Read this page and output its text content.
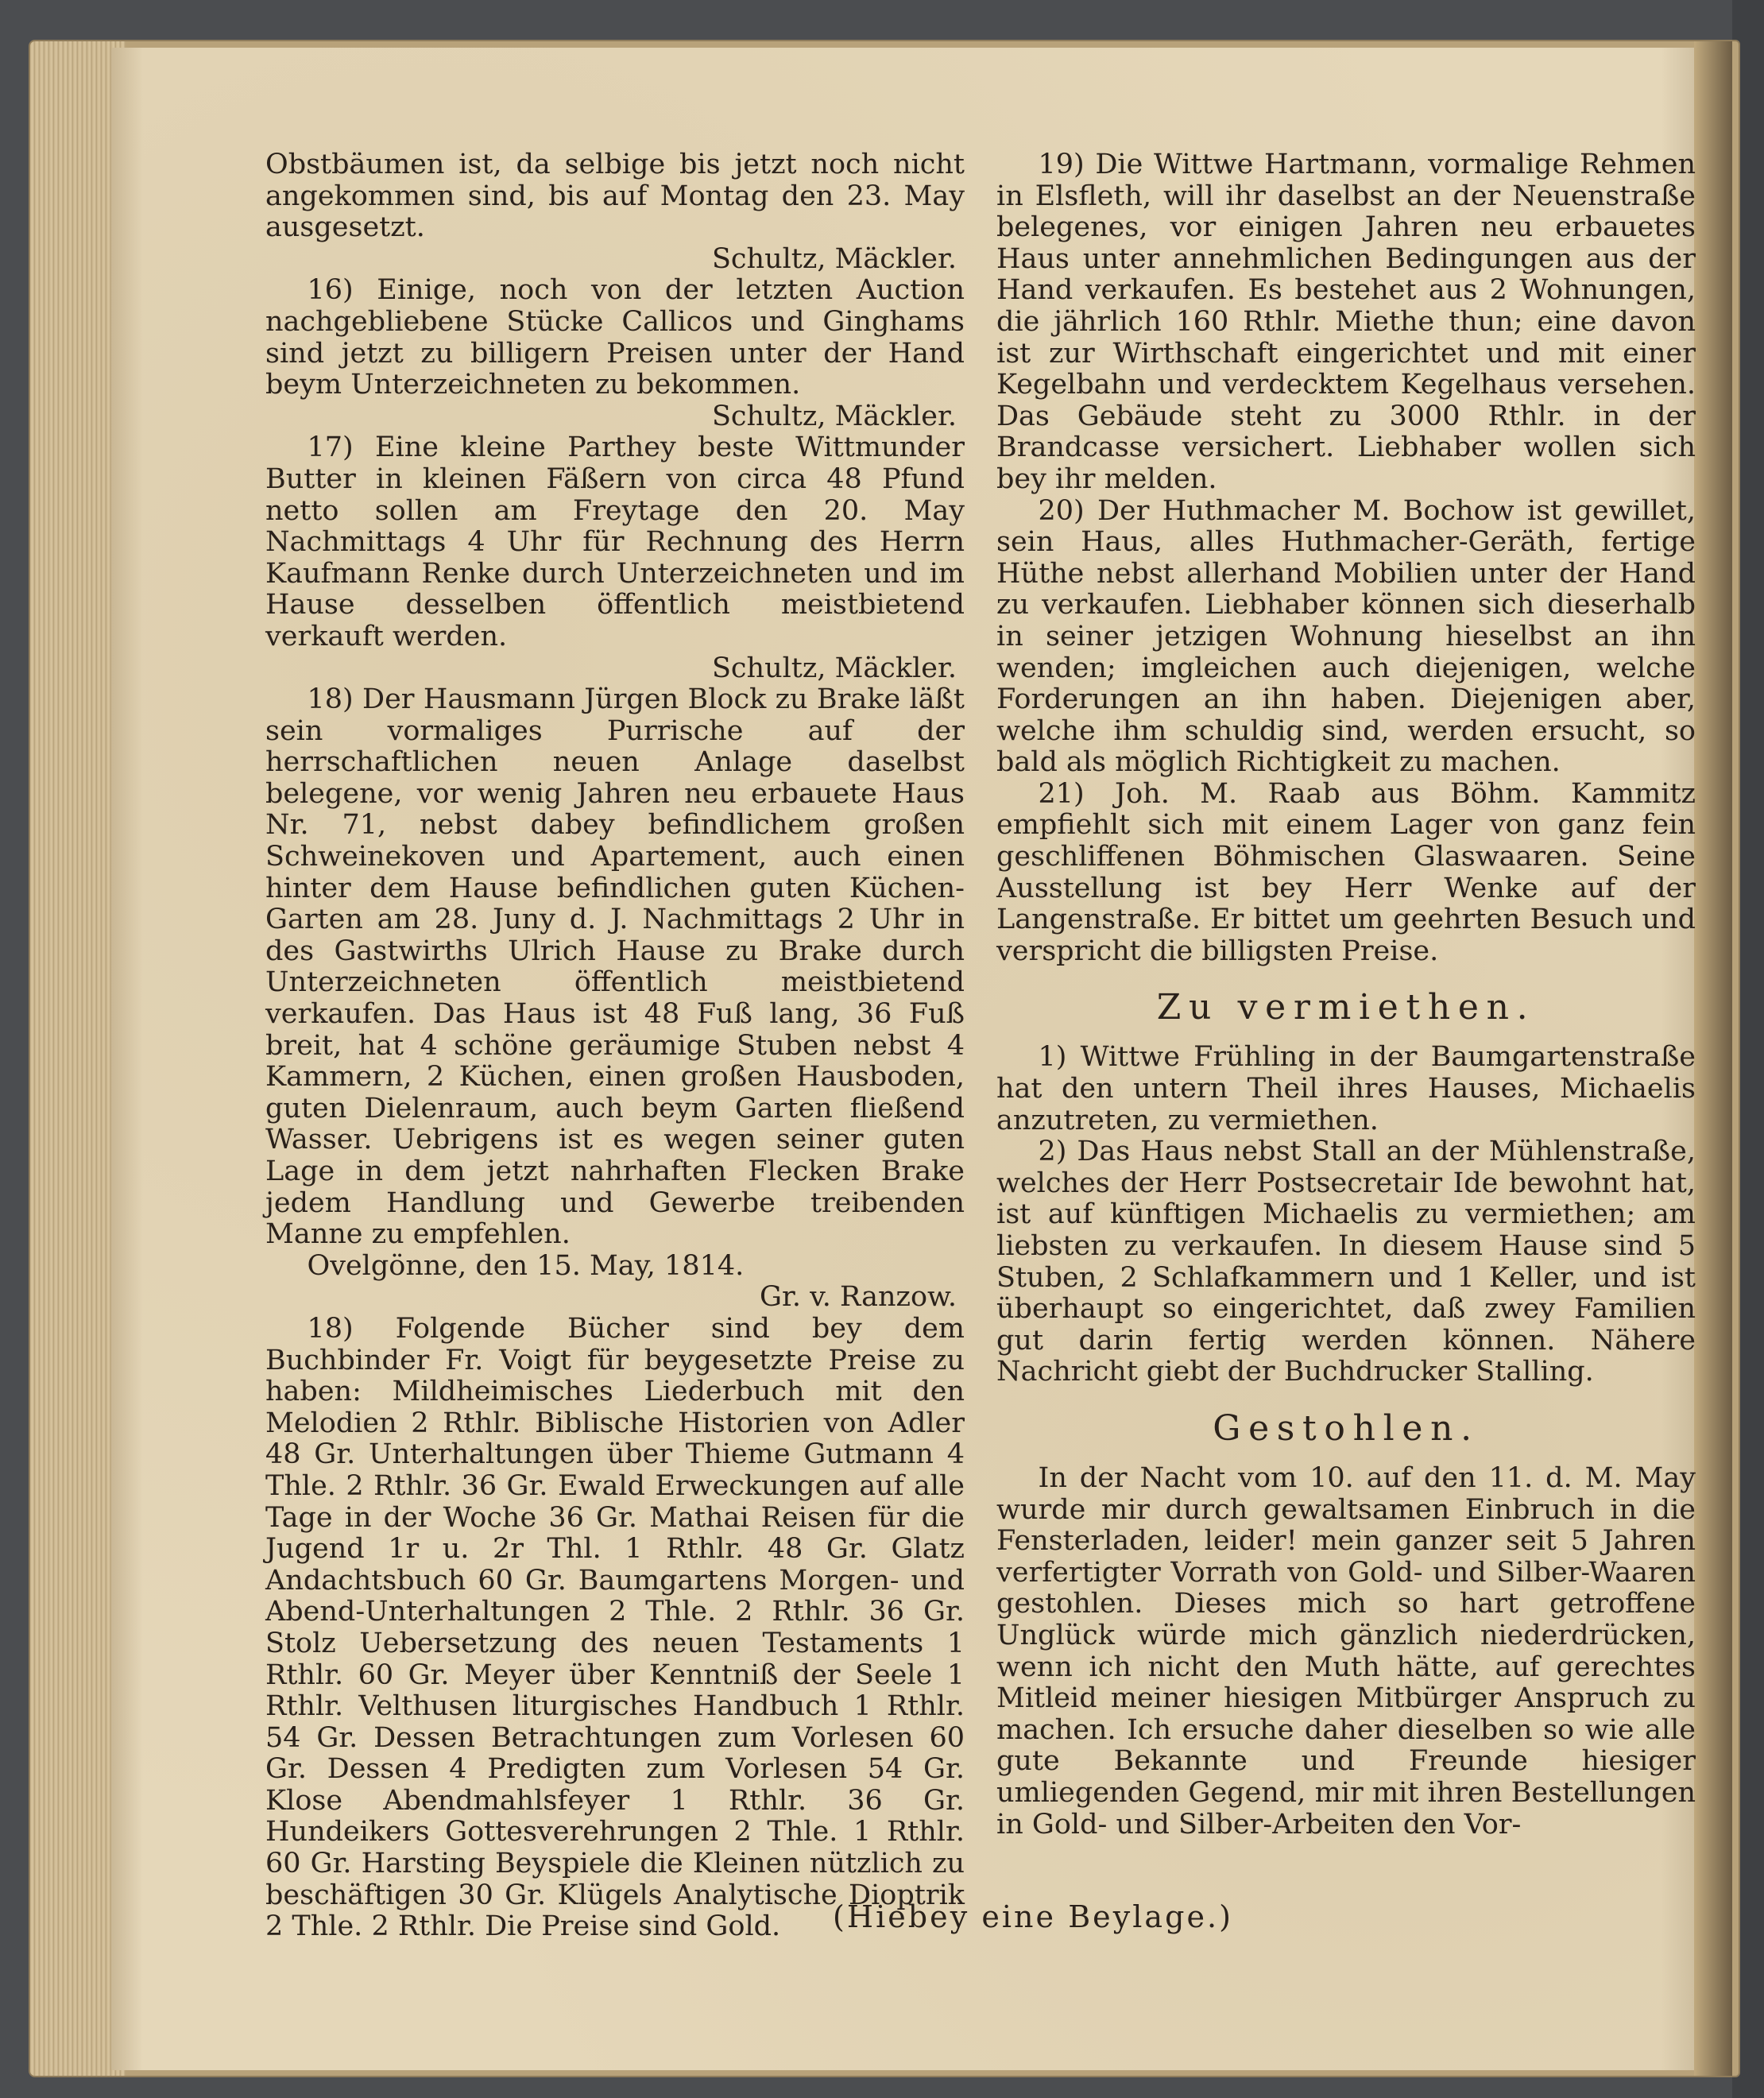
Obstbäumen ist, da selbige bis jetzt noch nicht angekommen sind, bis auf Montag den 23. May ausgesetzt.
Schultz, Mäckler.

16) Einige, noch von der letzten Auction nachgebliebene Stücke Callicos und Ginghams sind jetzt zu billigern Preisen unter der Hand beym Unterzeichneten zu bekommen.
Schultz, Mäckler.

17) Eine kleine Parthey beste Wittmunder Butter in kleinen Fäßern von circa 48 Pfund netto sollen am Freytage den 20. May Nachmittags 4 Uhr für Rechnung des Herrn Kaufmann Renke durch Unterzeichneten und im Hause desselben öffentlich meistbietend verkauft werden.
Schultz, Mäckler.

18) Der Hausmann Jürgen Block zu Brake läßt sein vormaliges Purrische auf der herrschaftlichen neuen Anlage daselbst belegene, vor wenig Jahren neu erbauete Haus Nr. 71, nebst dabey befindlichem großen Schweinekoven und Apartement, auch einen hinter dem Hause befindlichen guten Küchen-Garten am 28. Juny d. J. Nachmittags 2 Uhr in des Gastwirths Ulrich Hause zu Brake durch Unterzeichneten öffentlich meistbietend verkaufen. Das Haus ist 48 Fuß lang, 36 Fuß breit, hat 4 schöne geräumige Stuben nebst 4 Kammern, 2 Küchen, einen großen Hausboden, guten Dielenraum, auch beym Garten fließend Wasser. Uebrigens ist es wegen seiner guten Lage in dem jetzt nahrhaften Flecken Brake jedem Handlung und Gewerbe treibenden Manne zu empfehlen.

Ovelgönne, den 15. May, 1814.

Gr. v. Ranzow.

18) Folgende Bücher sind bey dem Buchbinder Fr. Voigt für beygesetzte Preise zu haben: Mildheimisches Liederbuch mit den Melodien 2 Rthlr. Biblische Historien von Adler 48 Gr. Unterhaltungen über Thieme Gutmann 4 Thle. 2 Rthlr. 36 Gr. Ewald Erweckungen auf alle Tage in der Woche 36 Gr. Mathai Reisen für die Jugend 1r u. 2r Thl. 1 Rthlr. 48 Gr. Glatz Andachtsbuch 60 Gr. Baumgartens Morgen- und Abend-Unterhaltungen 2 Thle. 2 Rthlr. 36 Gr. Stolz Uebersetzung des neuen Testaments 1 Rthlr. 60 Gr. Meyer über Kenntniß der Seele 1 Rthlr. Velthusen liturgisches Handbuch 1 Rthlr. 54 Gr. Dessen Betrachtungen zum Vorlesen 60 Gr. Dessen 4 Predigten zum Vorlesen 54 Gr. Klose Abendmahlsfeyer 1 Rthlr. 36 Gr. Hundeikers Gottesverehrungen 2 Thle. 1 Rthlr. 60 Gr. Harsting Beyspiele die Kleinen nützlich zu beschäftigen 30 Gr. Klügels Analytische Dioptrik 2 Thle. 2 Rthlr. Die Preise sind Gold.

19) Die Wittwe Hartmann, vormalige Rehmen in Elsfleth, will ihr daselbst an der Neuenstraße belegenes, vor einigen Jahren neu erbauetes Haus unter annehmlichen Bedingungen aus der Hand verkaufen. Es bestehet aus 2 Wohnungen, die jährlich 160 Rthlr. Miethe thun; eine davon ist zur Wirthschaft eingerichtet und mit einer Kegelbahn und verdecktem Kegelhaus versehen. Das Gebäude steht zu 3000 Rthlr. in der Brandcasse versichert. Liebhaber wollen sich bey ihr melden.

20) Der Huthmacher M. Bochow ist gewillet, sein Haus, alles Huthmacher-Geräth, fertige Hüthe nebst allerhand Mobilien unter der Hand zu verkaufen. Liebhaber können sich dieserhalb in seiner jetzigen Wohnung hieselbst an ihn wenden; imgleichen auch diejenigen, welche Forderungen an ihn haben. Diejenigen aber, welche ihm schuldig sind, werden ersucht, so bald als möglich Richtigkeit zu machen.

21) Joh. M. Raab aus Böhm. Kammitz empfiehlt sich mit einem Lager von ganz fein geschliffenen Böhmischen Glaswaaren. Seine Ausstellung ist bey Herr Wenke auf der Langenstraße. Er bittet um geehrten Besuch und verspricht die billigsten Preise.

Zu vermiethen.

1) Wittwe Frühling in der Baumgartenstraße hat den untern Theil ihres Hauses, Michaelis anzutreten, zu vermiethen.

2) Das Haus nebst Stall an der Mühlenstraße, welches der Herr Postsecretair Ide bewohnt hat, ist auf künftigen Michaelis zu vermiethen; am liebsten zu verkaufen. In diesem Hause sind 5 Stuben, 2 Schlafkammern und 1 Keller, und ist überhaupt so eingerichtet, daß zwey Familien gut darin fertig werden können. Nähere Nachricht giebt der Buchdrucker Stalling.

Gestohlen.

In der Nacht vom 10. auf den 11. d. M. May wurde mir durch gewaltsamen Einbruch in die Fensterladen, leider! mein ganzer seit 5 Jahren verfertigter Vorrath von Gold- und Silber-Waaren gestohlen. Dieses mich so hart getroffene Unglück würde mich gänzlich niederdrücken, wenn ich nicht den Muth hätte, auf gerechtes Mitleid meiner hiesigen Mitbürger Anspruch zu machen. Ich ersuche daher dieselben so wie alle gute Bekannte und Freunde hiesiger umliegenden Gegend, mir mit ihren Bestellungen in Gold- und Silber-Arbeiten den Vor-

(Hiebey eine Beylage.)
